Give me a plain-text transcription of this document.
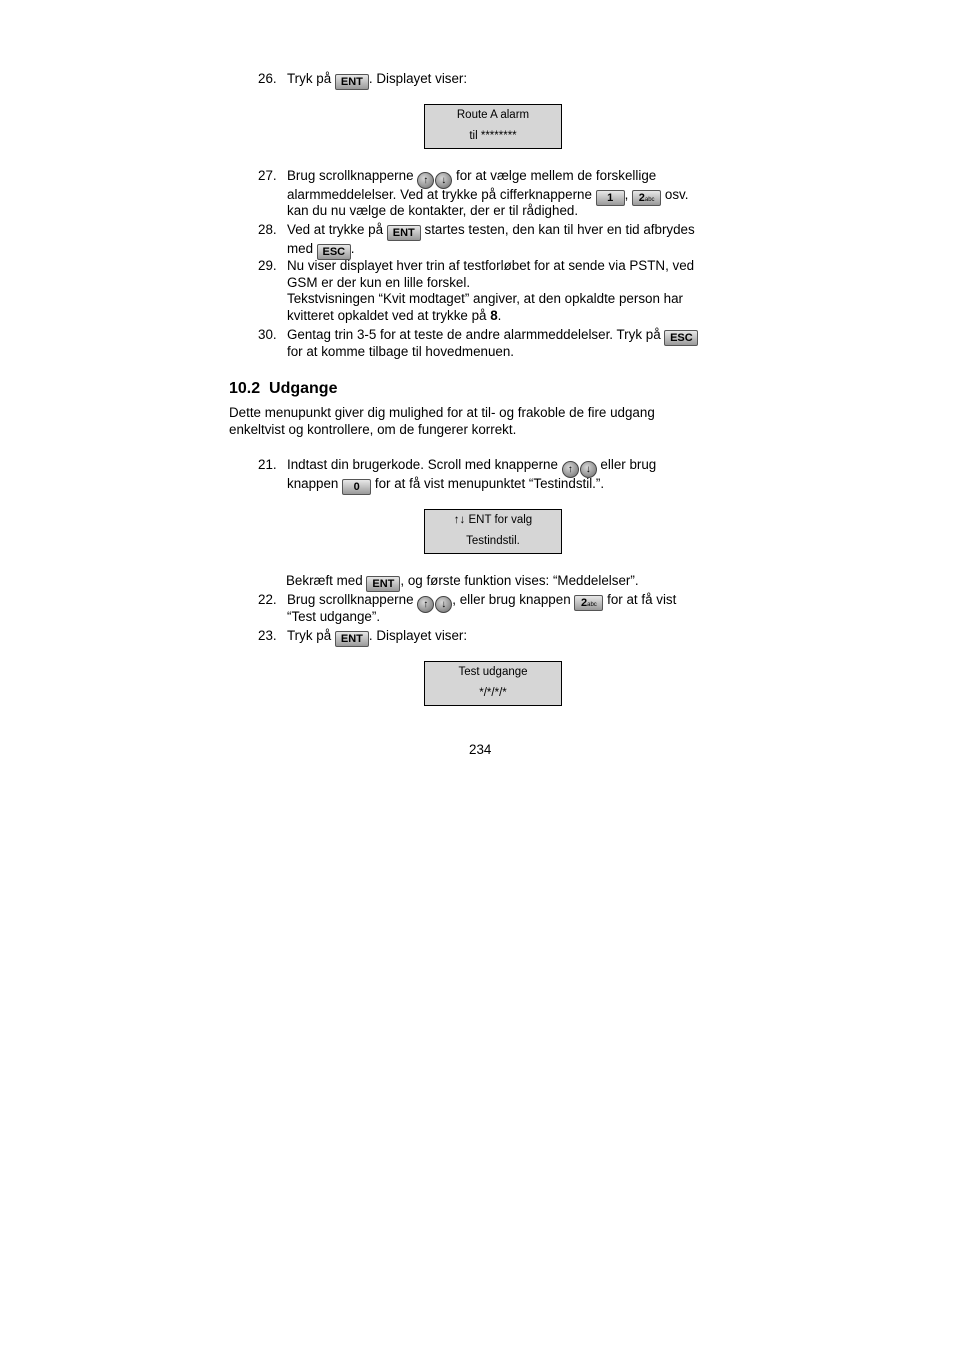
26. Tryk på ENT . Displayet viser:
Route A alarm
til ********
27. Brug scrollknapperne ↑	↓ for at vælge mellem de forskellige
alarmmeddelelser. Ved at trykke på cifferknapperne 1 , 2abc osv.
kan du nu vælge de kontakter, der er til rådighed.
28. Ved at trykke på ENT startes testen, den kan til hver en tid afbrydes
med ESC .
29. Nu viser displayet hver trin af testforløbet for at sende via PSTN, ved
GSM er der kun en lille forskel.
Tekstvisningen “Kvit modtaget” angiver, at den opkaldte person har
kvitteret opkaldet ved at trykke på 8.
30. Gentag trin 3-5 for at teste de andre alarmmeddelelser. Tryk på ESC
for at komme tilbage til hovedmenuen.
10.2 Udgange
Dette menupunkt giver dig mulighed for at til- og frakoble de fire udgang
enkeltvist og kontrollere, om de fungerer korrekt.
21. Indtast din brugerkode. Scroll med knapperne ↑	↓ eller brug
knappen 0 for at få vist menupunktet “Testindstil.”.
↑↓ ENT for valg
Testindstil.
Bekræft med ENT , og første funktion vises: “Meddelelser”.
22. Brug scrollknapperne ↑	↓ , eller brug knappen 2abc for at få vist
“Test udgange”.
23. Tryk på ENT . Displayet viser:
Test udgange
*/*/*/*
234
